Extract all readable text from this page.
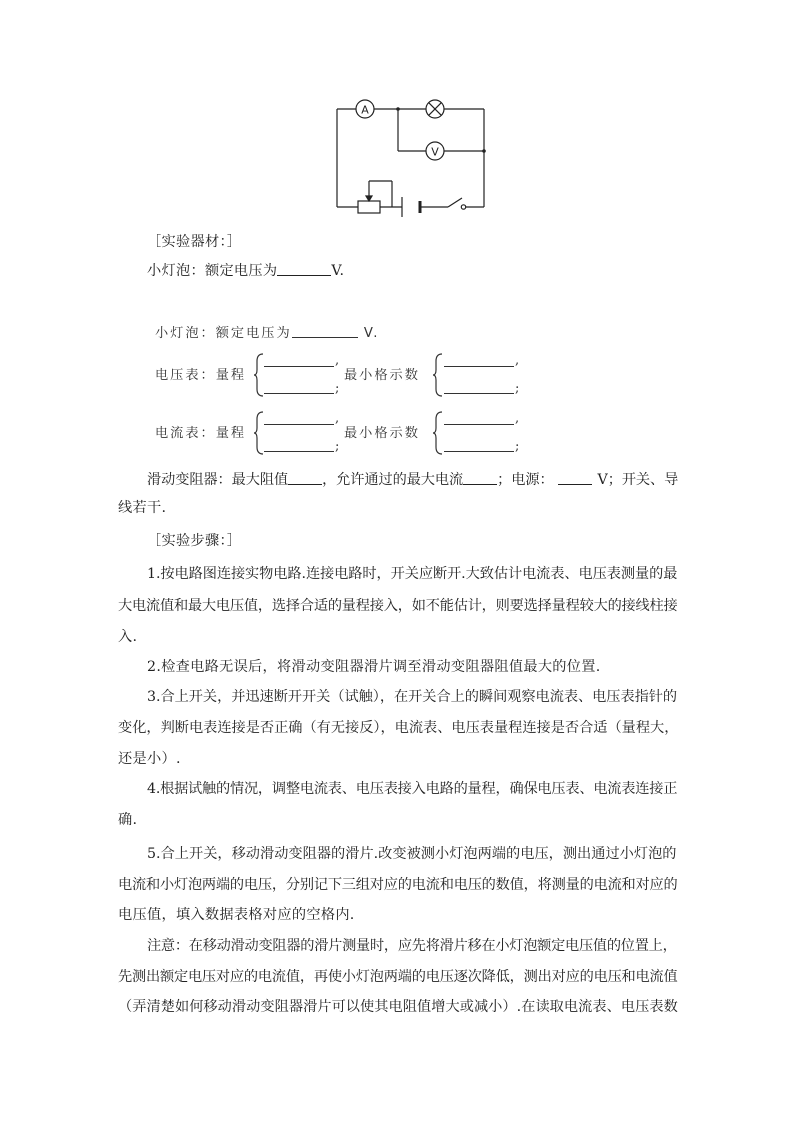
A
V
［实验器材：］
小灯泡：额定电压为	V.
小灯泡：额定电压为	V.
电压表：量程
,
;
最小格示数
,
;
电流表：量程
,
;
最小格示数
,
;
滑动变阻器：最大阻值 ，允许通过的最大电流 ；电源：	V；开关、导
线若干.
［实验步骤：］
1.按电路图连接实物电路.连接电路时，开关应断开.大致估计电流表、电压表测量的最
大电流值和最大电压值，选择合适的量程接入，如不能估计，则要选择量程较大的接线柱接
入.
2.检查电路无误后，将滑动变阻器滑片调至滑动变阻器阻值最大的位置.
3.合上开关，并迅速断开开关（试触），在开关合上的瞬间观察电流表、电压表指针的
变化，判断电表连接是否正确（有无接反），电流表、电压表量程连接是否合适（量程大，
还是小）.
4.根据试触的情况，调整电流表、电压表接入电路的量程，确保电压表、电流表连接正
确.
5.合上开关，移动滑动变阻器的滑片.改变被测小灯泡两端的电压，测出通过小灯泡的
电流和小灯泡两端的电压，分别记下三组对应的电流和电压的数值，将测量的电流和对应的
电压值，填入数据表格对应的空格内.
注意：在移动滑动变阻器的滑片测量时，应先将滑片移在小灯泡额定电压值的位置上，
先测出额定电压对应的电流值，再使小灯泡两端的电压逐次降低，测出对应的电压和电流值
（弄清楚如何移动滑动变阻器滑片可以使其电阻值增大或减小）.在读取电流表、电压表数
